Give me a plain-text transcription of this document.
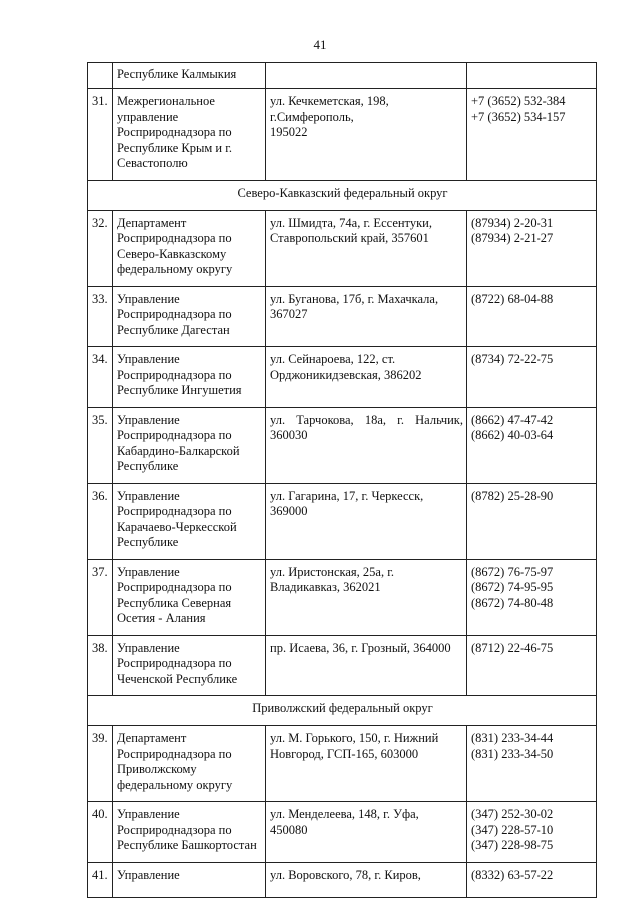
41

	Республике Калмыкия		

31.	Межрегиональное
управление
Росприроднадзора по
Республике Крым и г.
Севастополю	ул. Кечкеметская, 198,
г.Симферополь,
195022	+7 (3652) 532-384
+7 (3652) 534-157

Северо-Кавказский федеральный округ			
32.	Департамент
Росприроднадзора по
Северо-Кавказскому
федеральному округу	ул. Шмидта, 74а, г. Ессентуки,
Ставропольский край, 357601	(87934) 2-20-31
(87934) 2-21-27

33.	Управление
Росприроднадзора по
Республике Дагестан	ул. Буганова, 17б, г. Махачкала,
367027	(8722) 68-04-88

34.	Управление
Росприроднадзора по
Республике Ингушетия	ул. Сейнароева, 122, ст.
Орджоникидзевская, 386202	(8734) 72-22-75

35.	Управление
Росприроднадзора по
Кабардино-Балкарской
Республике	ул. Тарчокова, 18а, г. Нальчик,
360030	(8662) 47-47-42
(8662) 40-03-64

36.	Управление
Росприроднадзора по
Карачаево-Черкесской
Республике	ул. Гагарина, 17, г. Черкесск,
369000	(8782) 25-28-90

37.	Управление
Росприроднадзора по
Республика Северная
Осетия - Алания	ул. Иристонская, 25а, г.
Владикавказ, 362021	(8672) 76-75-97
(8672) 74-95-95
(8672) 74-80-48

38.	Управление
Росприроднадзора по
Чеченской Республике	пр. Исаева, 36, г. Грозный, 364000	(8712) 22-46-75

Приволжский федеральный округ			
39.	Департамент
Росприроднадзора по
Приволжскому
федеральному округу	ул. М. Горького, 150, г. Нижний
Новгород, ГСП-165, 603000	(831) 233-34-44
(831) 233-34-50

40.	Управление
Росприроднадзора по
Республике Башкортостан	ул. Менделеева, 148, г. Уфа,
450080	(347) 252-30-02
(347) 228-57-10
(347) 228-98-75

41.	Управление	ул. Воровского, 78, г. Киров,	(8332) 63-57-22
